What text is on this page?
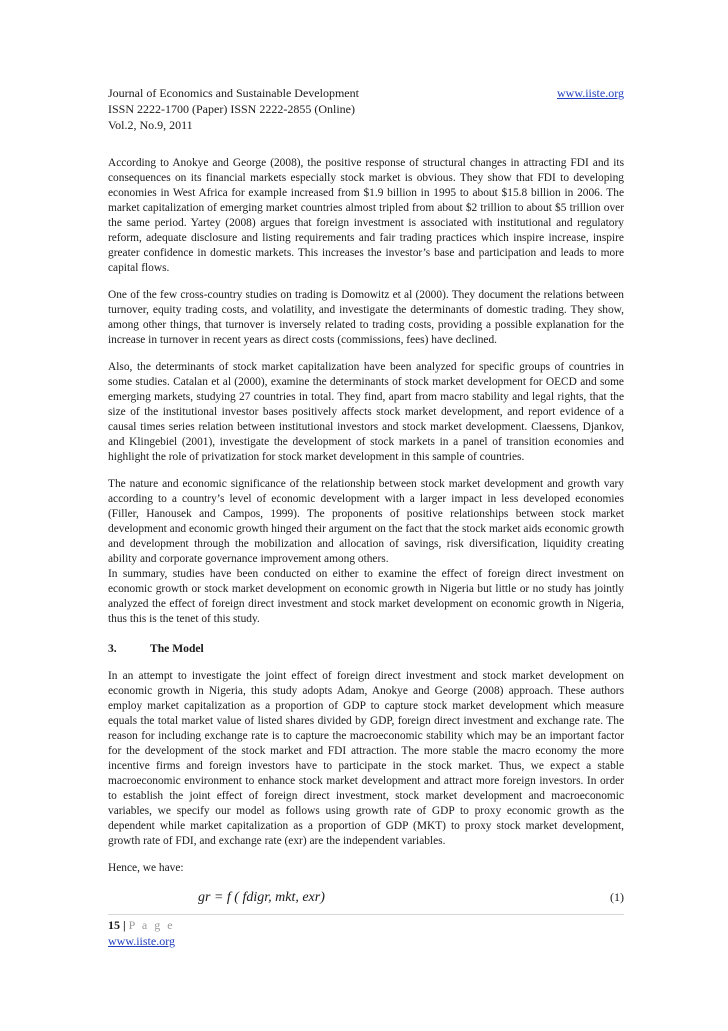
Journal of Economics and Sustainable Development	www.iiste.org
ISSN 2222-1700 (Paper) ISSN 2222-2855 (Online)
Vol.2, No.9, 2011

According to Anokye and George (2008), the positive response of structural changes in attracting FDI and its consequences on its financial markets especially stock market is obvious. They show that FDI to developing economies in West Africa for example increased from $1.9 billion in 1995 to about $15.8 billion in 2006. The market capitalization of emerging market countries almost tripled from about $2 trillion to about $5 trillion over the same period. Yartey (2008) argues that foreign investment is associated with institutional and regulatory reform, adequate disclosure and listing requirements and fair trading practices which inspire increase, inspire greater confidence in domestic markets. This increases the investor’s base and participation and leads to more capital flows.

One of the few cross-country studies on trading is Domowitz et al (2000). They document the relations between turnover, equity trading costs, and volatility, and investigate the determinants of domestic trading. They show, among other things, that turnover is inversely related to trading costs, providing a possible explanation for the increase in turnover in recent years as direct costs (commissions, fees) have declined.

Also, the determinants of stock market capitalization have been analyzed for specific groups of countries in some studies. Catalan et al (2000), examine the determinants of stock market development for OECD and some emerging markets, studying 27 countries in total. They find, apart from macro stability and legal rights, that the size of the institutional investor bases positively affects stock market development, and report evidence of a causal times series relation between institutional investors and stock market development. Claessens, Djankov, and Klingebiel (2001), investigate the development of stock markets in a panel of transition economies and highlight the role of privatization for stock market development in this sample of countries.

The nature and economic significance of the relationship between stock market development and growth vary according to a country’s level of economic development with a larger impact in less developed economies (Filler, Hanousek and Campos, 1999). The proponents of positive relationships between stock market development and economic growth hinged their argument on the fact that the stock market aids economic growth and development through the mobilization and allocation of savings, risk diversification, liquidity creating ability and corporate governance improvement among others.

In summary, studies have been conducted on either to examine the effect of foreign direct investment on economic growth or stock market development on economic growth in Nigeria but little or no study has jointly analyzed the effect of foreign direct investment and stock market development on economic growth in Nigeria, thus this is the tenet of this study.

3.	The Model

In an attempt to investigate the joint effect of foreign direct investment and stock market development on economic growth in Nigeria, this study adopts Adam, Anokye and George (2008) approach. These authors employ market capitalization as a proportion of GDP to capture stock market development which measure equals the total market value of listed shares divided by GDP, foreign direct investment and exchange rate. The reason for including exchange rate is to capture the macroeconomic stability which may be an important factor for the development of the stock market and FDI attraction. The more stable the macro economy the more incentive firms and foreign investors have to participate in the stock market. Thus, we expect a stable macroeconomic environment to enhance stock market development and attract more foreign investors. In order to establish the joint effect of foreign direct investment, stock market development and macroeconomic variables, we specify our model as follows using growth rate of GDP to proxy economic growth as the dependent while market capitalization as a proportion of GDP (MKT) to proxy stock market development, growth rate of FDI, and exchange rate (exr) are the independent variables.

Hence, we have:

gr = f ( fdigr, mkt, exr)	(1)
15 | P a g e
www.iiste.org
